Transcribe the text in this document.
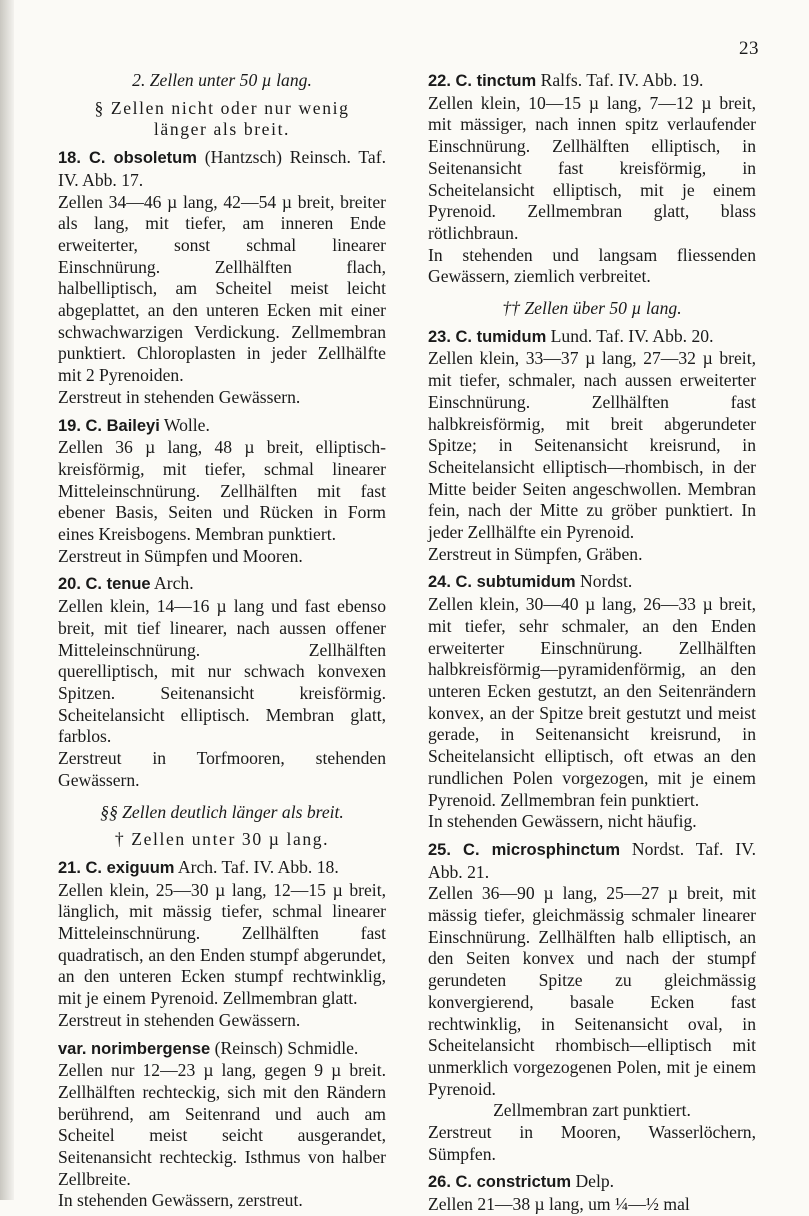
23

2. Zellen unter 50 µ lang.

§ Zellen nicht oder nur wenig länger als breit.

18. C. obsoletum (Hantzsch) Reinsch. Taf. IV. Abb. 17.

Zellen 34—46 µ lang, 42—54 µ breit, breiter als lang, mit tiefer, am inneren Ende erweiterter, sonst schmal linearer Einschnürung. Zellhälften flach, halbelliptisch, am Scheitel meist leicht abgeplattet, an den unteren Ecken mit einer schwachwarzigen Verdickung. Zellmembran punktiert. Chloroplasten in jeder Zellhälfte mit 2 Pyrenoiden.

Zerstreut in stehenden Gewässern.

19. C. Baileyi Wolle.

Zellen 36 µ lang, 48 µ breit, elliptisch-kreisförmig, mit tiefer, schmal linearer Mitteleinschnürung. Zellhälften mit fast ebener Basis, Seiten und Rücken in Form eines Kreisbogens. Membran punktiert.

Zerstreut in Sümpfen und Mooren.

20. C. tenue Arch.

Zellen klein, 14—16 µ lang und fast ebenso breit, mit tief linearer, nach aussen offener Mitteleinschnürung. Zellhälften querelliptisch, mit nur schwach konvexen Spitzen. Seitenansicht kreisförmig. Scheitelansicht elliptisch. Membran glatt, farblos.

Zerstreut in Torfmooren, stehenden Gewässern.

§§ Zellen deutlich länger als breit.

† Zellen unter 30 µ lang.

21. C. exiguum Arch. Taf. IV. Abb. 18.

Zellen klein, 25—30 µ lang, 12—15 µ breit, länglich, mit mässig tiefer, schmal linearer Mitteleinschnürung. Zellhälften fast quadratisch, an den Enden stumpf abgerundet, an den unteren Ecken stumpf rechtwinklig, mit je einem Pyrenoid. Zellmembran glatt.

Zerstreut in stehenden Gewässern.

var. norimbergense (Reinsch) Schmidle.

Zellen nur 12—23 µ lang, gegen 9 µ breit. Zellhälften rechteckig, sich mit den Rändern berührend, am Seitenrand und auch am Scheitel meist seicht ausgerandet, Seitenansicht rechteckig. Isthmus von halber Zellbreite.

In stehenden Gewässern, zerstreut.

22. C. tinctum Ralfs. Taf. IV. Abb. 19.

Zellen klein, 10—15 µ lang, 7—12 µ breit, mit mässiger, nach innen spitz verlaufender Einschnürung. Zellhälften elliptisch, in Seitenansicht fast kreisförmig, in Scheitelansicht elliptisch, mit je einem Pyrenoid. Zellmembran glatt, blass rötlichbraun.

In stehenden und langsam fliessenden Gewässern, ziemlich verbreitet.

†† Zellen über 50 µ lang.

23. C. tumidum Lund. Taf. IV. Abb. 20.

Zellen klein, 33—37 µ lang, 27—32 µ breit, mit tiefer, schmaler, nach aussen erweiterter Einschnürung. Zellhälften fast halbkreisförmig, mit breit abgerundeter Spitze; in Seitenansicht kreisrund, in Scheitelansicht elliptisch—rhombisch, in der Mitte beider Seiten angeschwollen. Membran fein, nach der Mitte zu gröber punktiert. In jeder Zellhälfte ein Pyrenoid.

Zerstreut in Sümpfen, Gräben.

24. C. subtumidum Nordst.

Zellen klein, 30—40 µ lang, 26—33 µ breit, mit tiefer, sehr schmaler, an den Enden erweiterter Einschnürung. Zellhälften halbkreisförmig—pyramidenförmig, an den unteren Ecken gestutzt, an den Seitenrändern konvex, an der Spitze breit gestutzt und meist gerade, in Seitenansicht kreisrund, in Scheitelansicht elliptisch, oft etwas an den rundlichen Polen vorgezogen, mit je einem Pyrenoid. Zellmembran fein punktiert.

In stehenden Gewässern, nicht häufig.

25. C. microsphinctum Nordst. Taf. IV. Abb. 21.

Zellen 36—90 µ lang, 25—27 µ breit, mit mässig tiefer, gleichmässig schmaler linearer Einschnürung. Zellhälften halb elliptisch, an den Seiten konvex und nach der stumpf gerundeten Spitze zu gleichmässig konvergierend, basale Ecken fast rechtwinklig, in Seitenansicht oval, in Scheitelansicht rhombisch—elliptisch mit unmerklich vorgezogenen Polen, mit je einem Pyrenoid.

Zellmembran zart punktiert.

Zerstreut in Mooren, Wasserlöchern, Sümpfen.

26. C. constrictum Delp.

Zellen 21—38 µ lang, um ¼—½ mal
